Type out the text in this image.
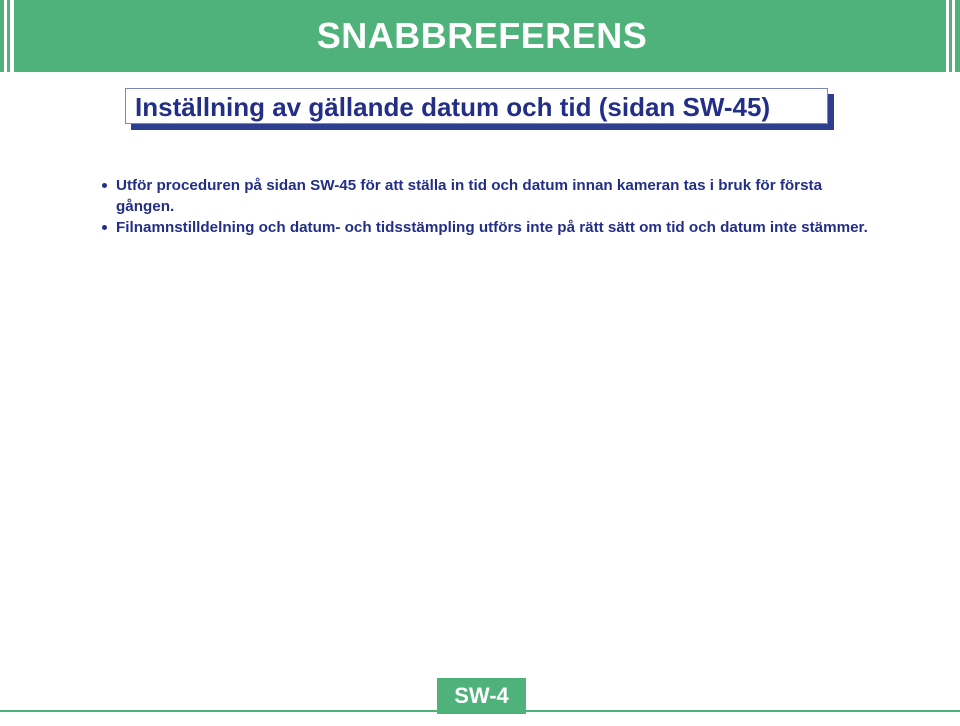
SNABBREFERENS
Inställning av gällande datum och tid (sidan SW-45)
Utför proceduren på sidan SW-45 för att ställa in tid och datum innan kameran tas i bruk för första gången.
Filnamnstilldelning och datum- och tidsstämpling utförs inte på rätt sätt om tid och datum inte stämmer.
SW-4
